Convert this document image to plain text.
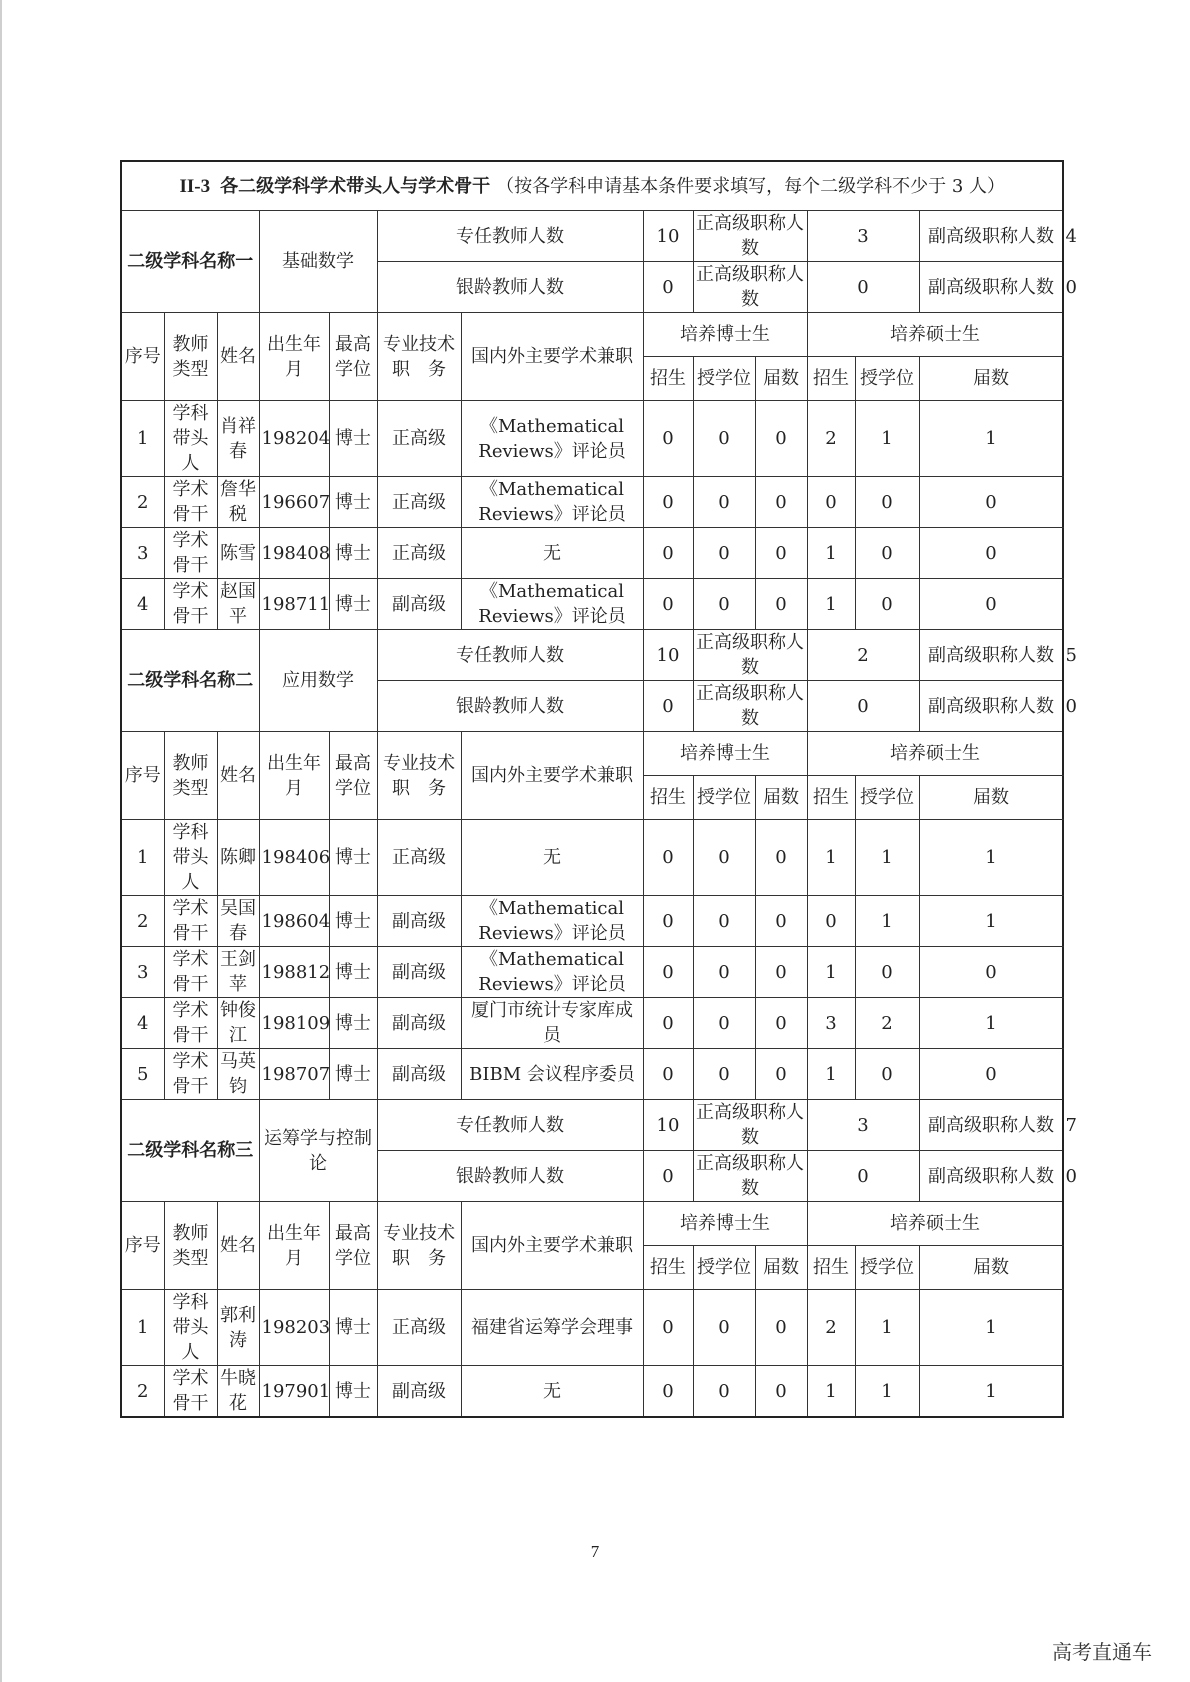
II-3 各二级学科学术带头人与学术骨干 （按各学科申请基本条件要求填写，每个二级学科不少于 3 人）													
二级学科名称一			基础数学		专任教师人数		10	正高级职称人数		3		副高级职称人数	4
					银龄教师人数		0	正高级职称人数		0		副高级职称人数	0
序号	教师类型	姓名	出生年月	最高学位	专业技术职　务	国内外主要学术兼职	培养博士生			培养硕士生			
							招生	授学位	届数	招生	授学位	届数	
1	学科带头人	肖祥春	198204	博士	正高级	《Mathematical Reviews》评论员	0	0	0	2	1	1	
2	学术骨干	詹华税	196607	博士	正高级	《Mathematical Reviews》评论员	0	0	0	0	0	0	
3	学术骨干	陈雪	198408	博士	正高级	无	0	0	0	1	0	0	
4	学术骨干	赵国平	198711	博士	副高级	《Mathematical Reviews》评论员	0	0	0	1	0	0	
二级学科名称二			应用数学		专任教师人数		10	正高级职称人数		2		副高级职称人数	5
					银龄教师人数		0	正高级职称人数		0		副高级职称人数	0
序号	教师类型	姓名	出生年月	最高学位	专业技术职　务	国内外主要学术兼职	培养博士生			培养硕士生			
							招生	授学位	届数	招生	授学位	届数	
1	学科带头人	陈卿	198406	博士	正高级	无	0	0	0	1	1	1	
2	学术骨干	吴国春	198604	博士	副高级	《Mathematical Reviews》评论员	0	0	0	0	1	1	
3	学术骨干	王剑苹	198812	博士	副高级	《Mathematical Reviews》评论员	0	0	0	1	0	0	
4	学术骨干	钟俊江	198109	博士	副高级	厦门市统计专家库成员	0	0	0	3	2	1	
5	学术骨干	马英钧	198707	博士	副高级	BIBM 会议程序委员	0	0	0	1	0	0	
二级学科名称三			运筹学与控制论		专任教师人数		10	正高级职称人数		3		副高级职称人数	7
					银龄教师人数		0	正高级职称人数		0		副高级职称人数	0
序号	教师类型	姓名	出生年月	最高学位	专业技术职　务	国内外主要学术兼职	培养博士生			培养硕士生			
							招生	授学位	届数	招生	授学位	届数	
1	学科带头人	郭利涛	198203	博士	正高级	福建省运筹学会理事	0	0	0	2	1	1	
2	学术骨干	牛晓花	197901	博士	副高级	无	0	0	0	1	1	1	
7
高考直通车
